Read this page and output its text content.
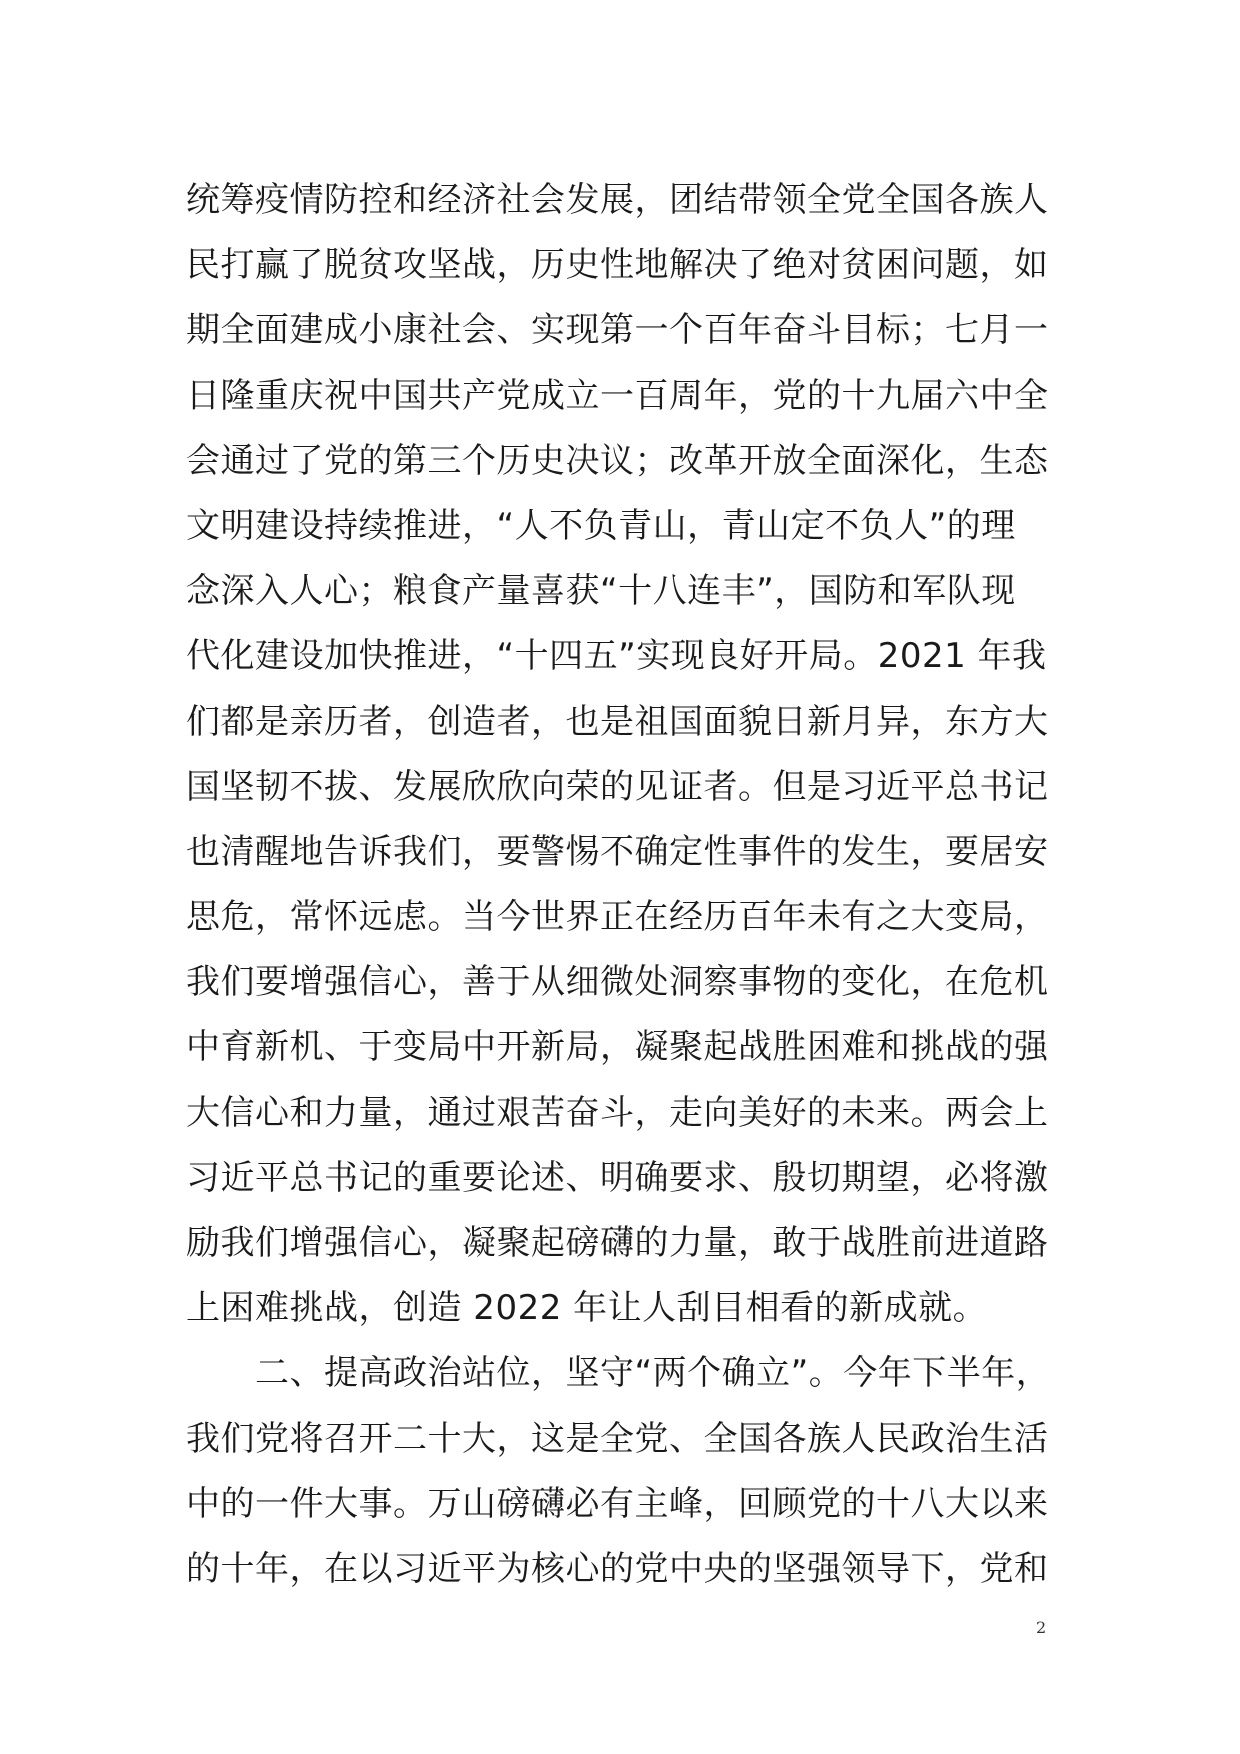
统筹疫情防控和经济社会发展，团结带领全党全国各族人
民打赢了脱贫攻坚战，历史性地解决了绝对贫困问题，如
期全面建成小康社会、实现第一个百年奋斗目标；七月一
日隆重庆祝中国共产党成立一百周年，党的十九届六中全
会通过了党的第三个历史决议；改革开放全面深化，生态
文明建设持续推进，“人不负青山，青山定不负人”的理
念深入人心；粮食产量喜获“十八连丰”，国防和军队现
代化建设加快推进，“十四五”实现良好开局。2021 年我
们都是亲历者，创造者，也是祖国面貌日新月异，东方大
国坚韧不拔、发展欣欣向荣的见证者。但是习近平总书记
也清醒地告诉我们，要警惕不确定性事件的发生，要居安
思危，常怀远虑。当今世界正在经历百年未有之大变局，
我们要增强信心，善于从细微处洞察事物的变化，在危机
中育新机、于变局中开新局，凝聚起战胜困难和挑战的强
大信心和力量，通过艰苦奋斗，走向美好的未来。两会上
习近平总书记的重要论述、明确要求、殷切期望，必将激
励我们增强信心，凝聚起磅礴的力量，敢于战胜前进道路
上困难挑战，创造 2022 年让人刮目相看的新成就。
　　二、提高政治站位，坚守“两个确立”。今年下半年，
我们党将召开二十大，这是全党、全国各族人民政治生活
中的一件大事。万山磅礴必有主峰，回顾党的十八大以来
的十年，在以习近平为核心的党中央的坚强领导下，党和
2
